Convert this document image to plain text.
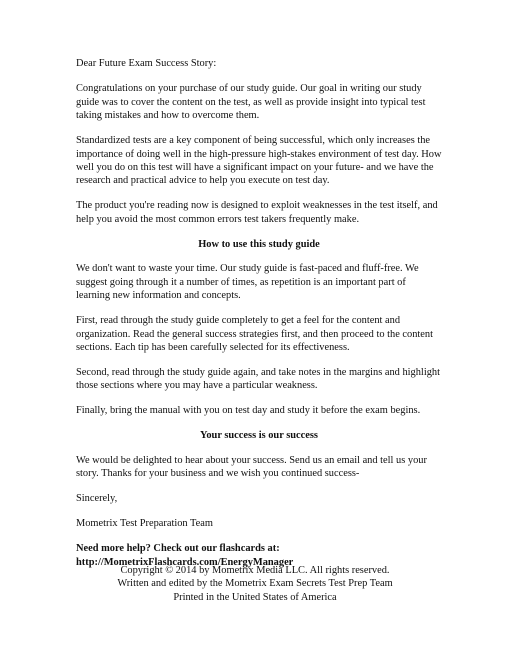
Dear Future Exam Success Story:

Congratulations on your purchase of our study guide. Our goal in writing our study guide was to cover the content on the test, as well as provide insight into typical test taking mistakes and how to overcome them.

Standardized tests are a key component of being successful, which only increases the importance of doing well in the high-pressure high-stakes environment of test day. How well you do on this test will have a significant impact on your future- and we have the research and practical advice to help you execute on test day.

The product you're reading now is designed to exploit weaknesses in the test itself, and help you avoid the most common errors test takers frequently make.

How to use this study guide

We don't want to waste your time. Our study guide is fast-paced and fluff-free. We suggest going through it a number of times, as repetition is an important part of learning new information and concepts.

First, read through the study guide completely to get a feel for the content and organization. Read the general success strategies first, and then proceed to the content sections. Each tip has been carefully selected for its effectiveness.

Second, read through the study guide again, and take notes in the margins and highlight those sections where you may have a particular weakness.

Finally, bring the manual with you on test day and study it before the exam begins.

Your success is our success

We would be delighted to hear about your success. Send us an email and tell us your story. Thanks for your business and we wish you continued success-

Sincerely,

Mometrix Test Preparation Team

Need more help? Check out our flashcards at:
http://MometrixFlashcards.com/EnergyManager
Copyright © 2014 by Mometrix Media LLC. All rights reserved.
Written and edited by the Mometrix Exam Secrets Test Prep Team
Printed in the United States of America
